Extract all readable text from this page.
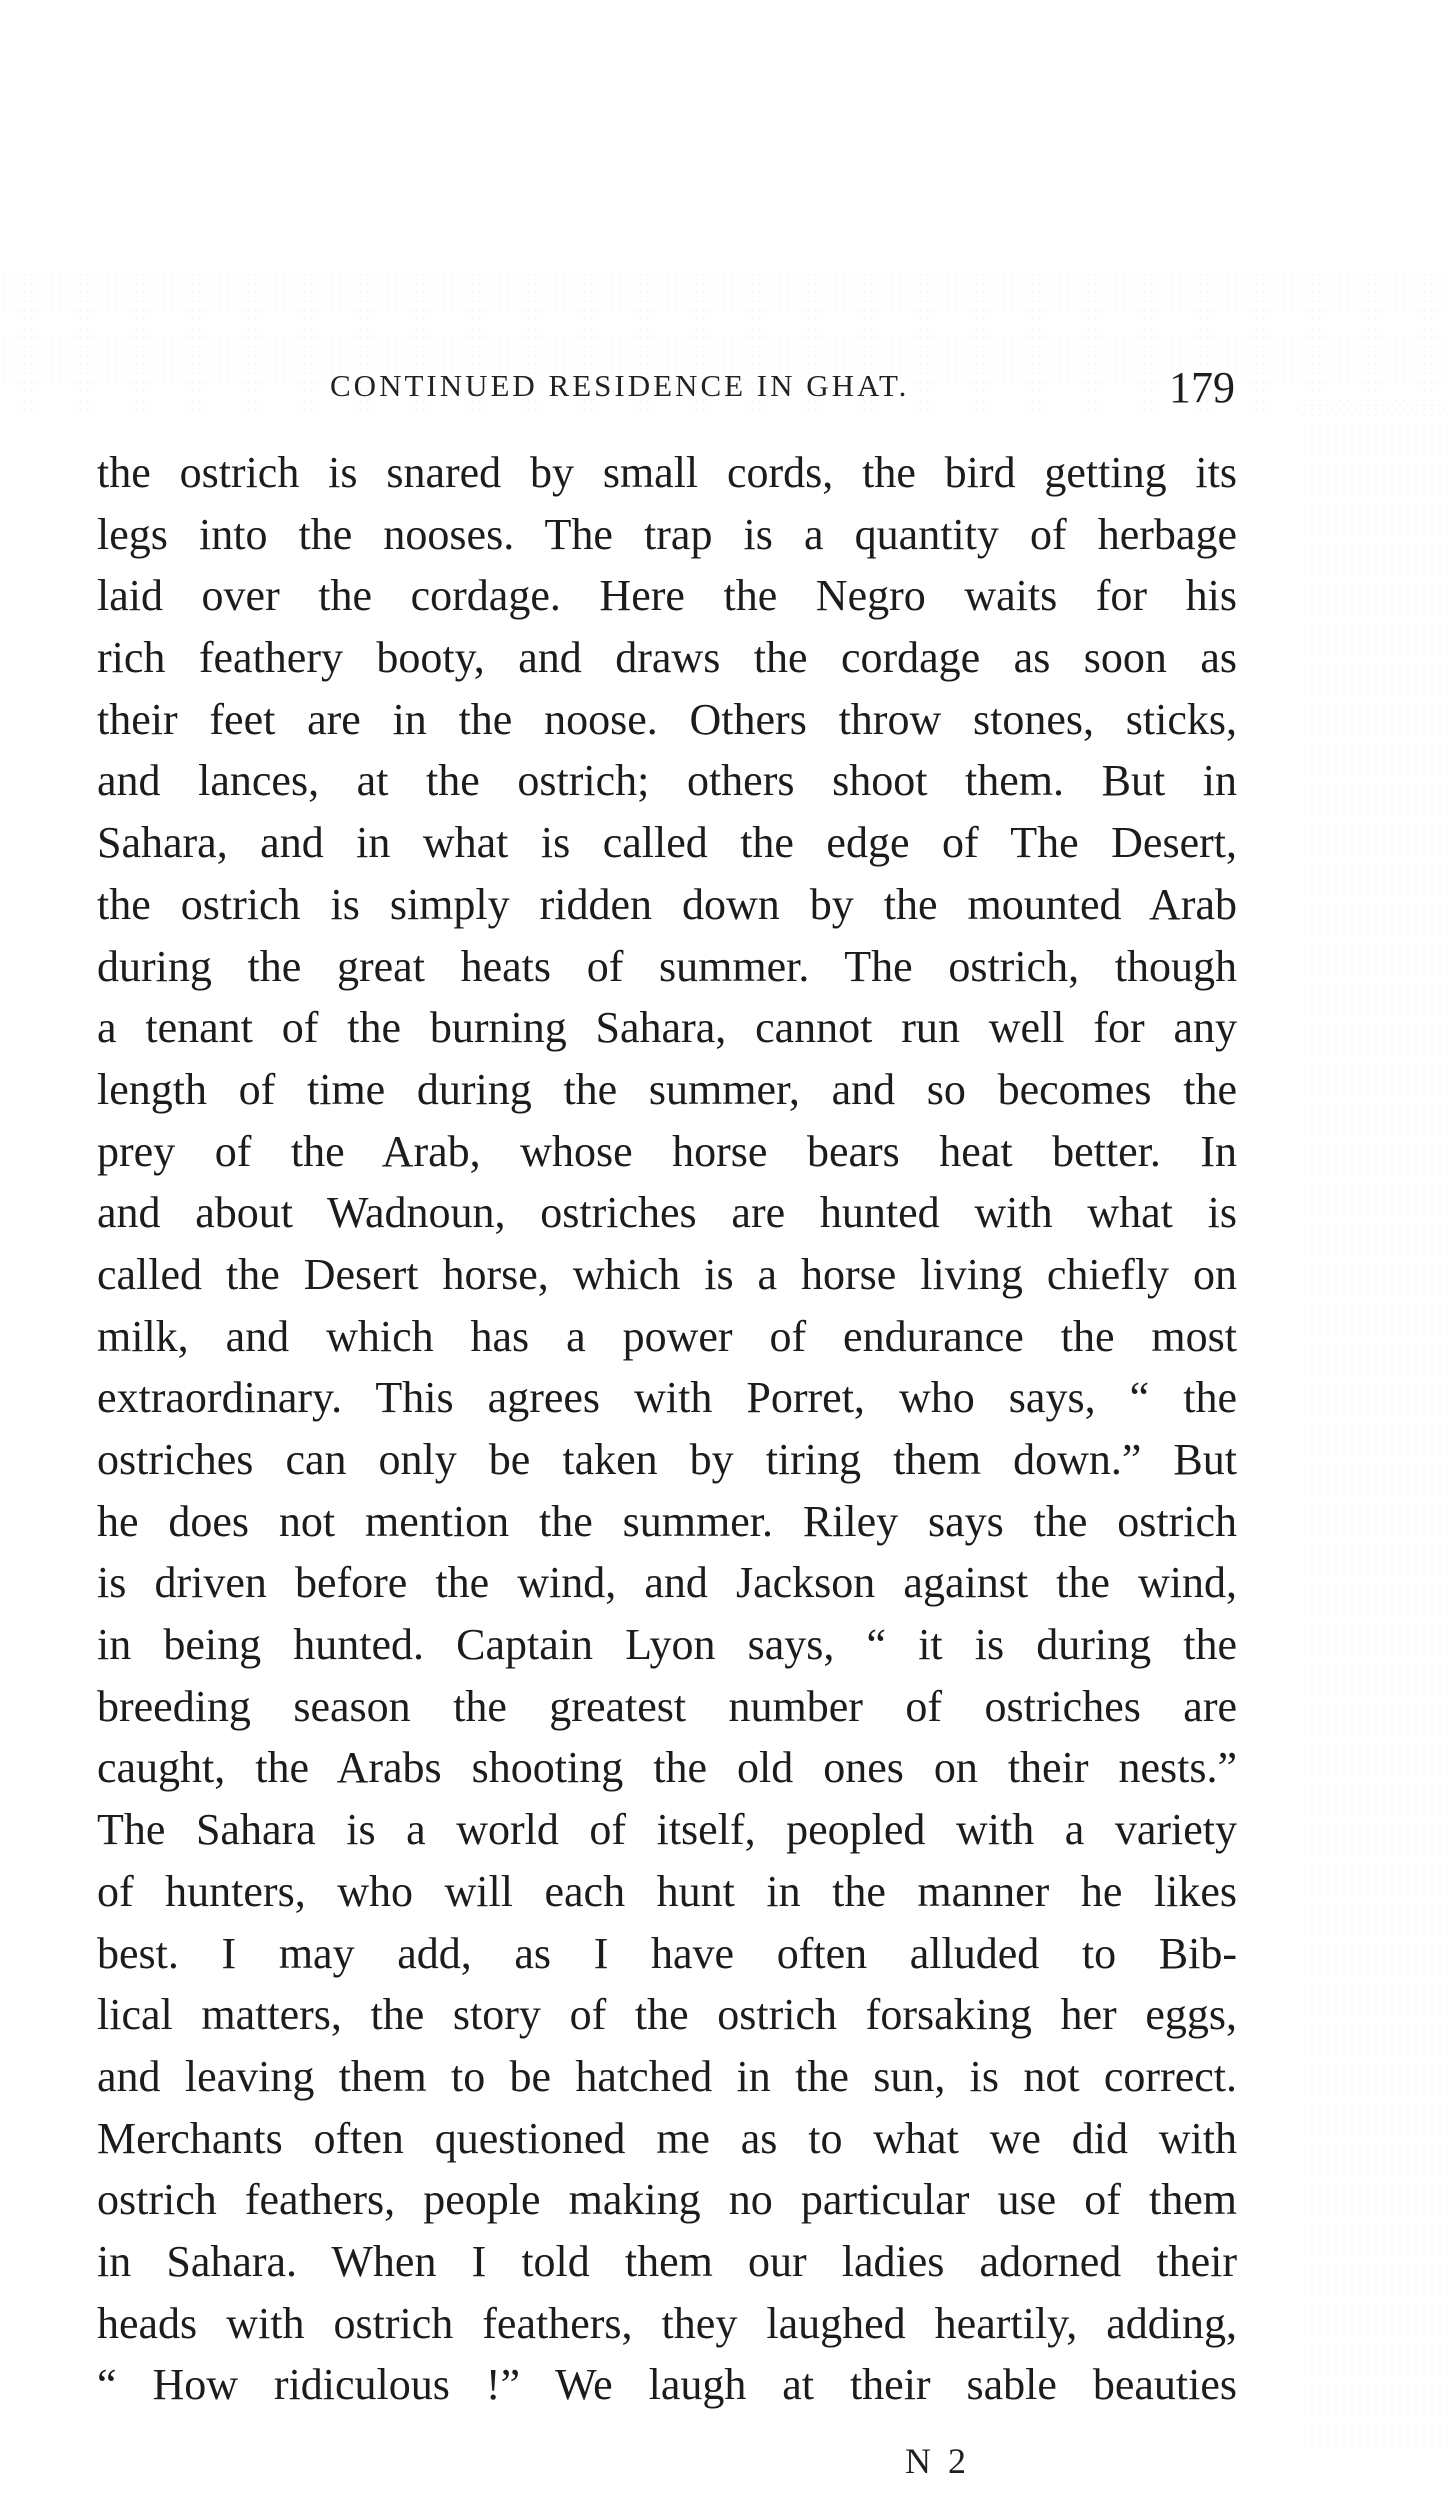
CONTINUED RESIDENCE IN GHAT.	179
the ostrich is snared by small cords, the bird getting its
legs into the nooses. The trap is a quantity of herbage
laid over the cordage. Here the Negro waits for his
rich feathery booty, and draws the cordage as soon as
their feet are in the noose. Others throw stones, sticks,
and lances, at the ostrich; others shoot them. But in
Sahara, and in what is called the edge of The Desert,
the ostrich is simply ridden down by the mounted Arab
during the great heats of summer. The ostrich, though
a tenant of the burning Sahara, cannot run well for any
length of time during the summer, and so becomes the
prey of the Arab, whose horse bears heat better. In
and about Wadnoun, ostriches are hunted with what is
called the Desert horse, which is a horse living chiefly on
milk, and which has a power of endurance the most
extraordinary. This agrees with Porret, who says, “ the
ostriches can only be taken by tiring them down.” But
he does not mention the summer. Riley says the ostrich
is driven before the wind, and Jackson against the wind,
in being hunted. Captain Lyon says, “ it is during the
breeding season the greatest number of ostriches are
caught, the Arabs shooting the old ones on their nests.”
The Sahara is a world of itself, peopled with a variety
of hunters, who will each hunt in the manner he likes
best. I may add, as I have often alluded to Bib-
lical matters, the story of the ostrich forsaking her eggs,
and leaving them to be hatched in the sun, is not correct.
Merchants often questioned me as to what we did with
ostrich feathers, people making no particular use of them
in Sahara. When I told them our ladies adorned their
heads with ostrich feathers, they laughed heartily, adding,
“ How ridiculous !” We laugh at their sable beauties
N 2
